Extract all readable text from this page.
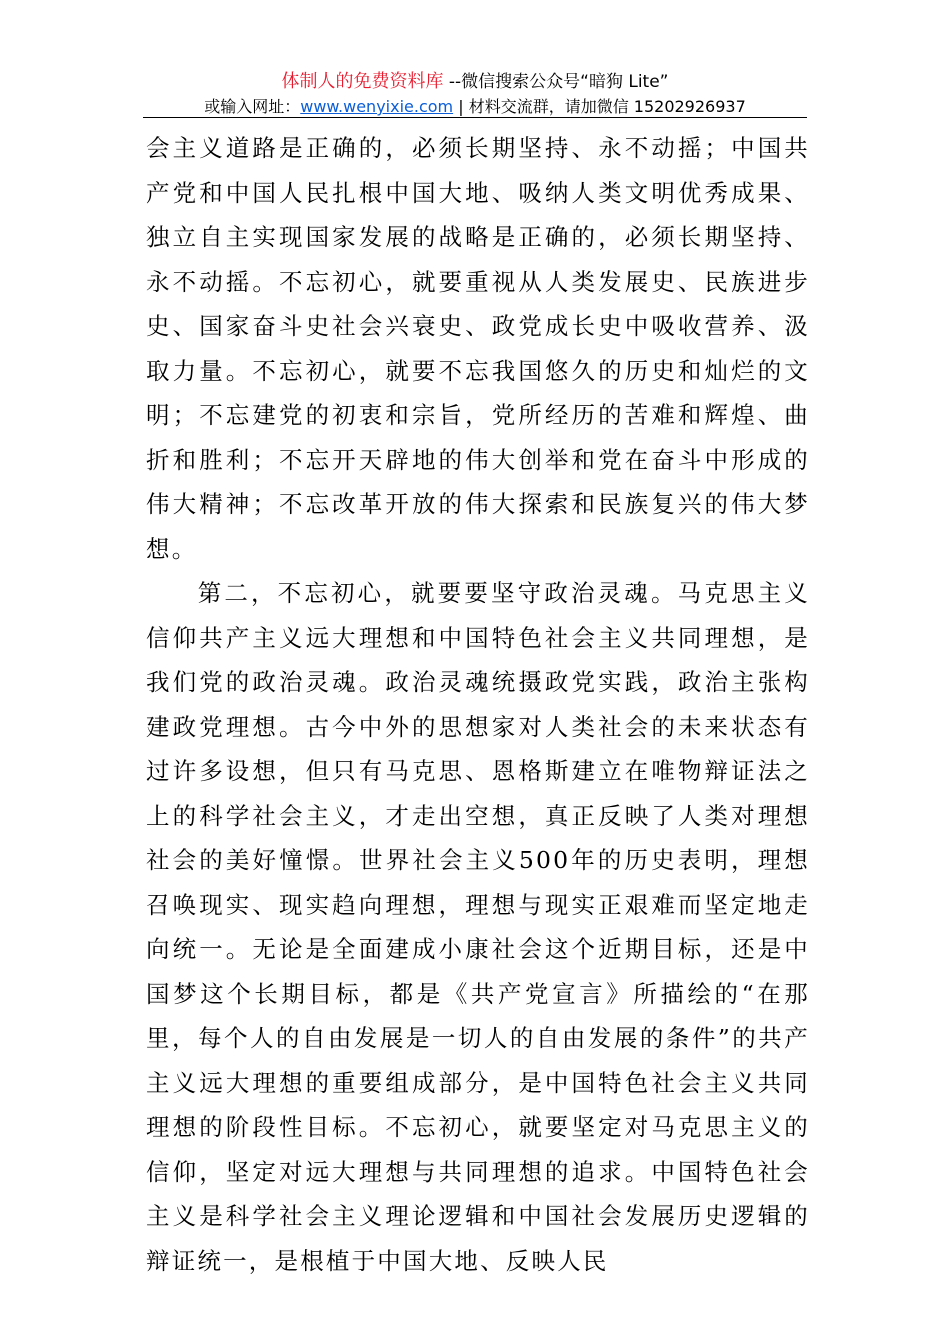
体制人的免费资料库 --微信搜索公众号“暗狗 Lite”
或输入网址：www.wenyixie.com | 材料交流群，请加微信 15202926937

会主义道路是正确的，必须长期坚持、永不动摇；中国共产党和中国人民扎根中国大地、吸纳人类文明优秀成果、独立自主实现国家发展的战略是正确的，必须长期坚持、永不动摇。不忘初心，就要重视从人类发展史、民族进步史、国家奋斗史社会兴衰史、政党成长史中吸收营养、汲取力量。不忘初心，就要不忘我国悠久的历史和灿烂的文明；不忘建党的初衷和宗旨，党所经历的苦难和辉煌、曲折和胜利；不忘开天辟地的伟大创举和党在奋斗中形成的伟大精神；不忘改革开放的伟大探索和民族复兴的伟大梦想。

第二，不忘初心，就要要坚守政治灵魂。马克思主义信仰共产主义远大理想和中国特色社会主义共同理想，是我们党的政治灵魂。政治灵魂统摄政党实践，政治主张构建政党理想。古今中外的思想家对人类社会的未来状态有过许多设想，但只有马克思、恩格斯建立在唯物辩证法之上的科学社会主义，才走出空想，真正反映了人类对理想社会的美好憧憬。世界社会主义500年的历史表明，理想召唤现实、现实趋向理想，理想与现实正艰难而坚定地走向统一。无论是全面建成小康社会这个近期目标，还是中国梦这个长期目标，都是《共产党宣言》所描绘的“在那里，每个人的自由发展是一切人的自由发展的条件”的共产主义远大理想的重要组成部分，是中国特色社会主义共同理想的阶段性目标。不忘初心，就要坚定对马克思主义的信仰，坚定对远大理想与共同理想的追求。中国特色社会主义是科学社会主义理论逻辑和中国社会发展历史逻辑的辩证统一，是根植于中国大地、反映人民
